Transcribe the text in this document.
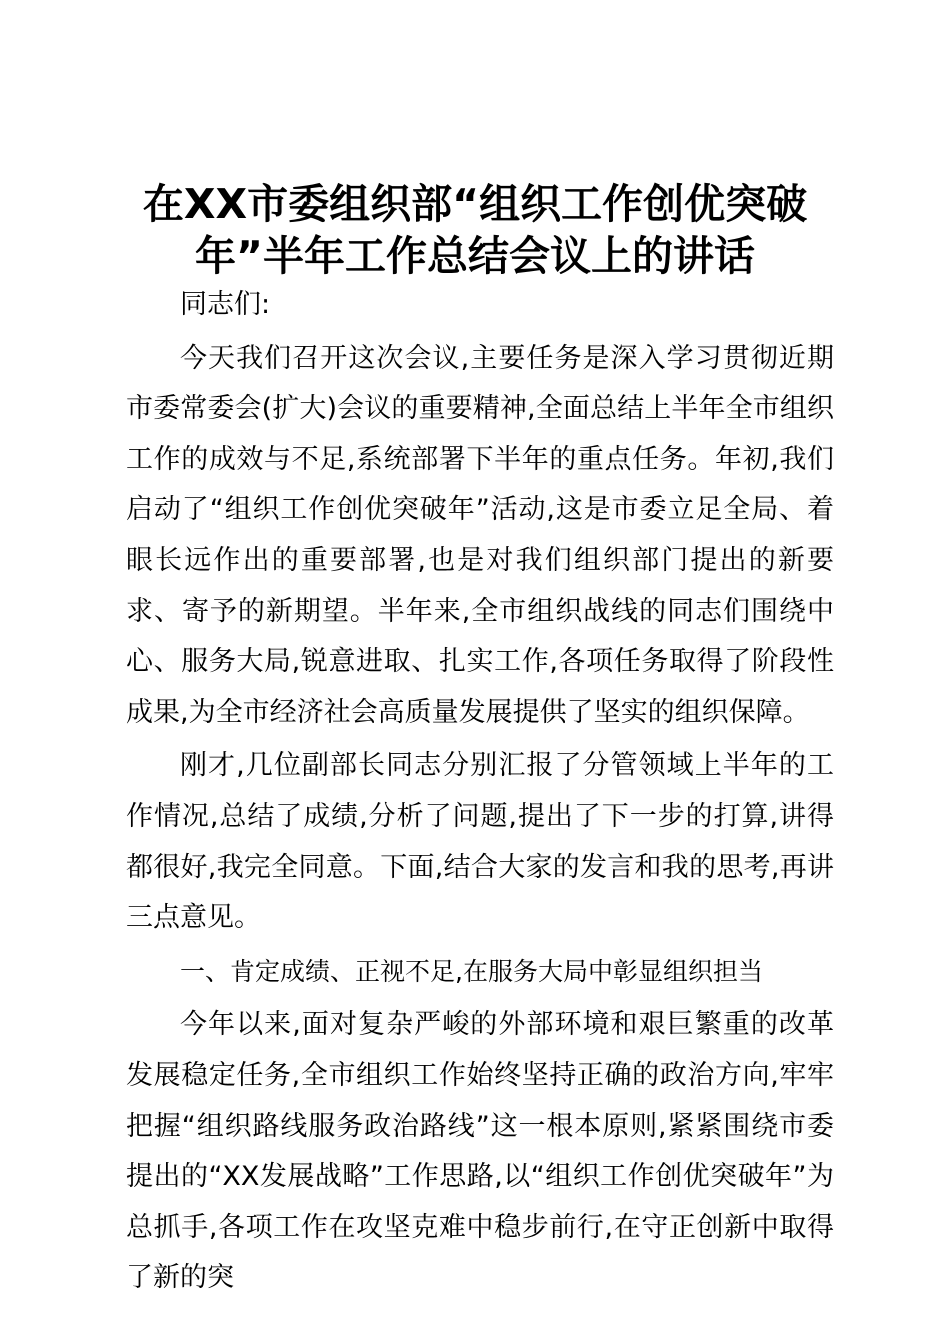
在XX市委组织部“组织工作创优突破
年”半年工作总结会议上的讲话

同志们:

今天我们召开这次会议,主要任务是深入学习贯彻近期市委常委会(扩大)会议的重要精神,全面总结上半年全市组织工作的成效与不足,系统部署下半年的重点任务。年初,我们启动了“组织工作创优突破年”活动,这是市委立足全局、着眼长远作出的重要部署,也是对我们组织部门提出的新要求、寄予的新期望。半年来,全市组织战线的同志们围绕中心、服务大局,锐意进取、扎实工作,各项任务取得了阶段性成果,为全市经济社会高质量发展提供了坚实的组织保障。

刚才,几位副部长同志分别汇报了分管领域上半年的工作情况,总结了成绩,分析了问题,提出了下一步的打算,讲得都很好,我完全同意。下面,结合大家的发言和我的思考,再讲三点意见。

一、肯定成绩、正视不足,在服务大局中彰显组织担当

今年以来,面对复杂严峻的外部环境和艰巨繁重的改革发展稳定任务,全市组织工作始终坚持正确的政治方向,牢牢把握“组织路线服务政治路线”这一根本原则,紧紧围绕市委提出的“XX发展战略”工作思路,以“组织工作创优突破年”为总抓手,各项工作在攻坚克难中稳步前行,在守正创新中取得了新的突
